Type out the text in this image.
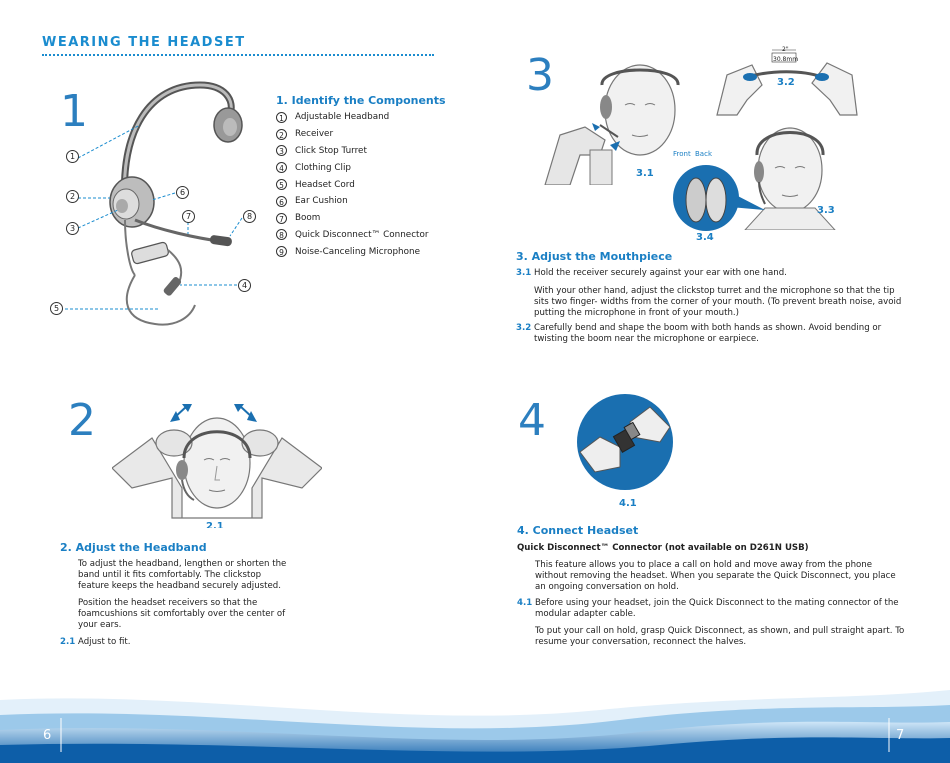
WEARING THE HEADSET
1
1
2
3
6
7	8
4
5
1. Identify the Components
1	Adjustable Headband
2	Receiver
3	Click Stop Turret
4	Clothing Clip
5	Headset Cord
6	Ear Cushion
7	Boom
8	Quick Disconnect™ Connector
9	Noise-Canceling Microphone
2
2.1
2. Adjust the Headband
To adjust the headband, lengthen or shorten the band until it fits comfortably. The clickstop feature keeps the headband securely adjusted.
Position the headset receivers so that the foamcushions sit comfortably over the center of your ears.
2.1 Adjust to fit.
3
3.1
30.8mm
2"
3.2
3.3
Front Back
3.4
3. Adjust the Mouthpiece
3.1 Hold the receiver securely against your ear with one hand.
With your other hand, adjust the clickstop turret and the microphone so that the tip sits two finger- widths from the corner of your mouth. (To prevent breath noise, avoid putting the microphone in front of your mouth.)
3.2 Carefully bend and shape the boom with both hands as shown. Avoid bending or twisting the boom near the microphone or earpiece.
4
4.1
4. Connect Headset
Quick Disconnect™ Connector (not available on D261N USB)
This feature allows you to place a call on hold and move away from the phone without removing the headset. When you separate the Quick Disconnect, you place an ongoing conversation on hold.
4.1 Before using your headset, join the Quick Disconnect to the mating connector of the modular adapter cable.
To put your call on hold, grasp Quick Disconnect, as shown, and pull straight apart. To resume your conversation, reconnect the halves.
6	7
